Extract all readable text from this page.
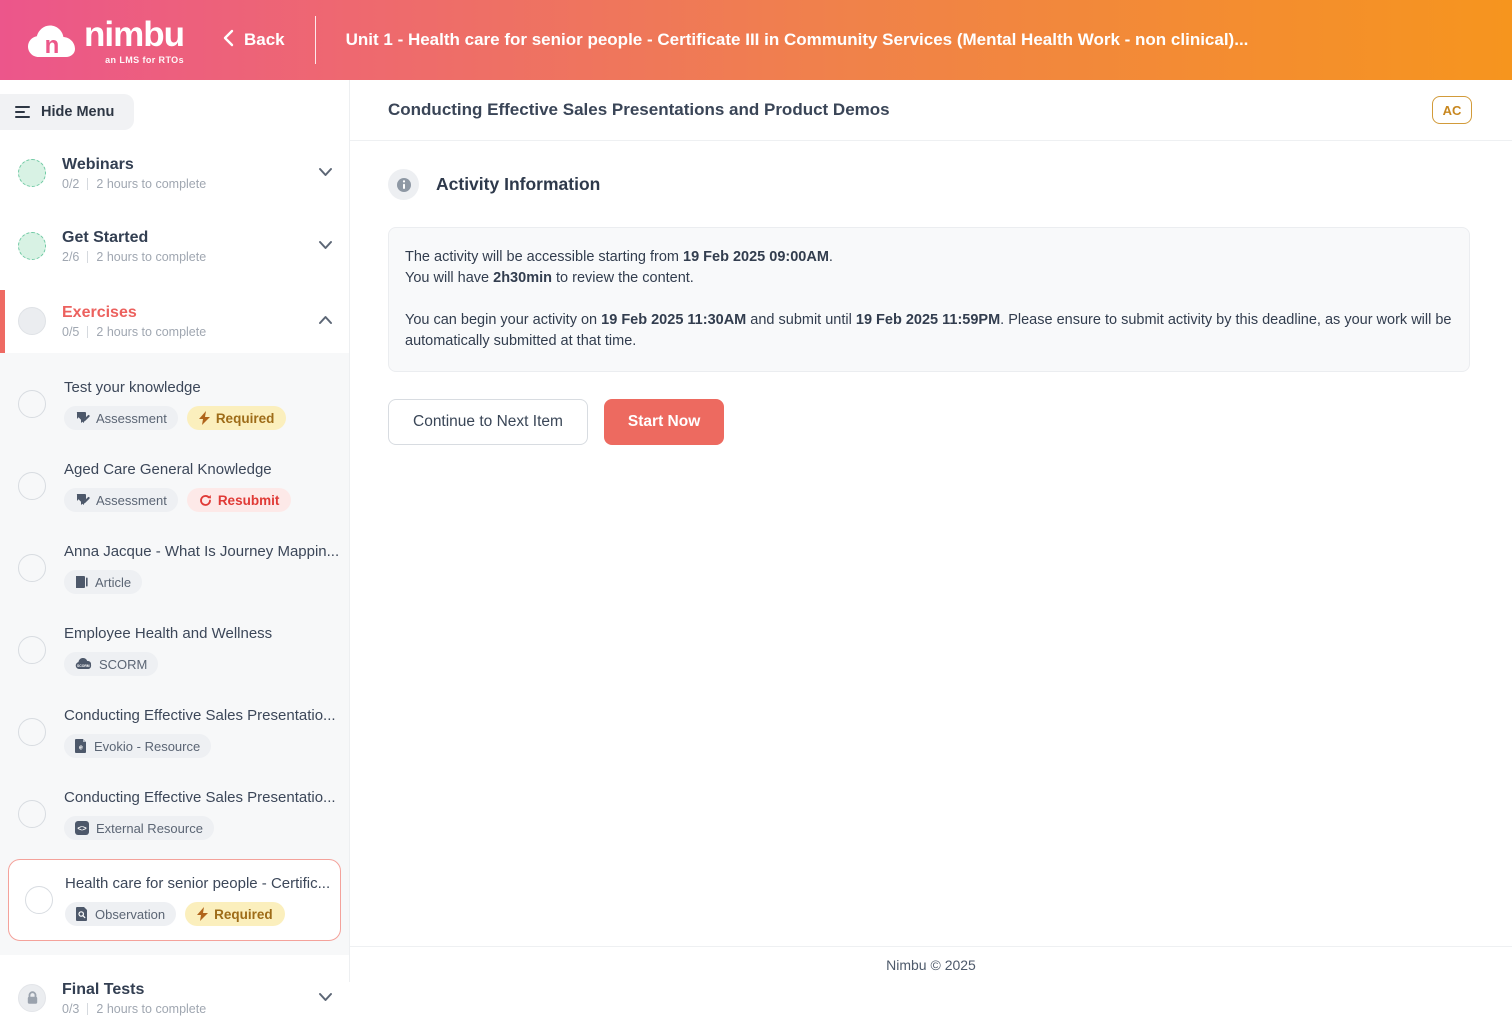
n nimbu
an LMS for RTOs
Back	Unit 1 - Health care for senior people - Certificate III in Community Services (Mental Health Work - non clinical)...
Hide Menu
Webinars
0/2 2 hours to complete
Get Started
2/6 2 hours to complete
Exercises
0/5 2 hours to complete
Test your knowledge
Assessment	Required
Aged Care General Knowledge
Assessment	Resubmit
Anna Jacque - What Is Journey Mappin...
Article
Employee Health and Wellness
SCORM SCORM
Conducting Effective Sales Presentatio...
e Evokio - Resource
Conducting Effective Sales Presentatio...
<> External Resource
Health care for senior people - Certific...
Observation	Required
Final Tests
0/3 2 hours to complete
Conducting Effective Sales Presentations and Product Demos	AC
Activity Information
The activity will be accessible starting from 19 Feb 2025 09:00AM.
You will have 2h30min to review the content.
You can begin your activity on 19 Feb 2025 11:30AM and submit until 19 Feb 2025 11:59PM. Please ensure to submit activity by this deadline, as your work will be automatically submitted at that time.
Continue to Next Item	Start Now
Nimbu © 2025
